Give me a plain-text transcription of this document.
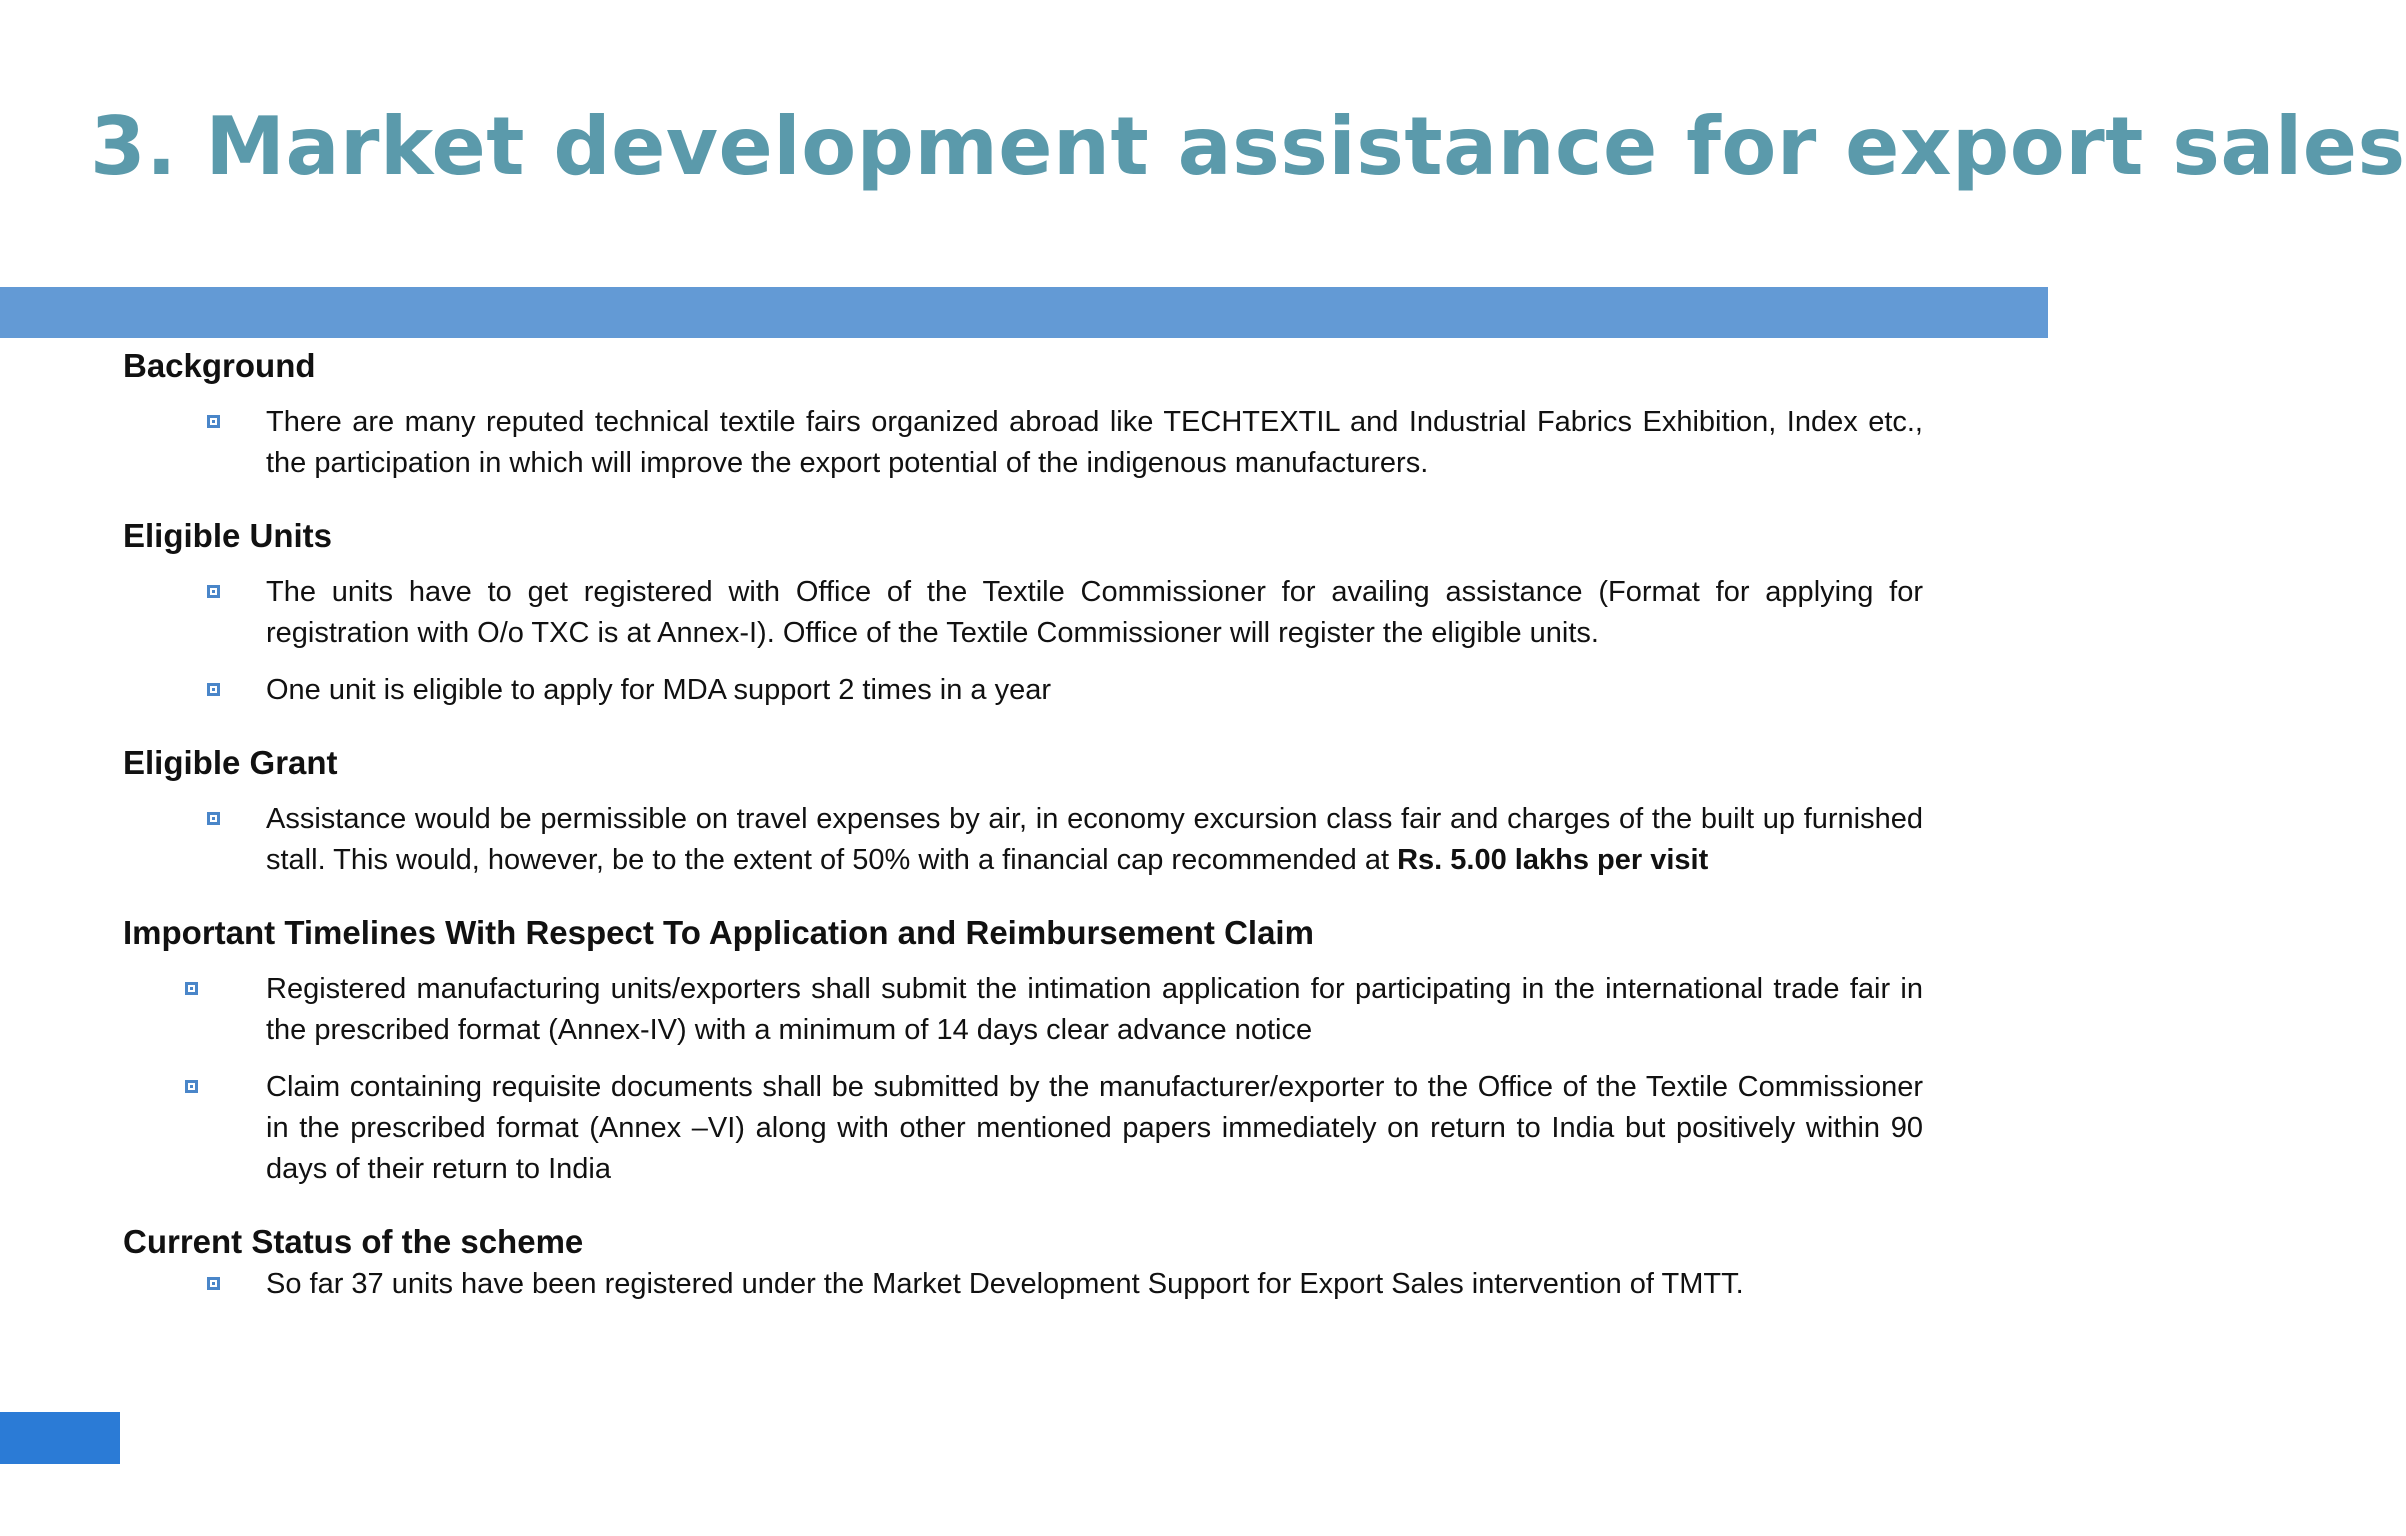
3. Market development assistance for export sales
Background
There are many reputed technical textile fairs organized abroad like TECHTEXTIL and Industrial Fabrics Exhibition, Index etc., the participation in which will improve the export potential of the indigenous manufacturers.
Eligible Units
The units have to get registered with Office of the Textile Commissioner for availing assistance (Format for applying for registration with O/o TXC is at Annex-I). Office of the Textile Commissioner will register the eligible units.
One unit is eligible to apply for MDA support 2 times in a year
Eligible Grant
Assistance would be permissible on travel expenses by air, in economy excursion class fair and charges of the built up furnished stall. This would, however, be to the extent of 50% with a financial cap recommended at Rs. 5.00 lakhs per visit
Important Timelines With Respect To Application and Reimbursement Claim
Registered manufacturing units/exporters shall submit the intimation application for participating in the international trade fair in the prescribed format (Annex-IV) with a minimum of 14 days clear advance notice
Claim containing requisite documents shall be submitted by the manufacturer/exporter to the Office of the Textile Commissioner in the prescribed format (Annex –VI) along with other mentioned papers immediately on return to India but positively within 90 days of their return to India
Current Status of the scheme
So far 37 units have been registered under the Market Development Support for Export Sales intervention of TMTT.
